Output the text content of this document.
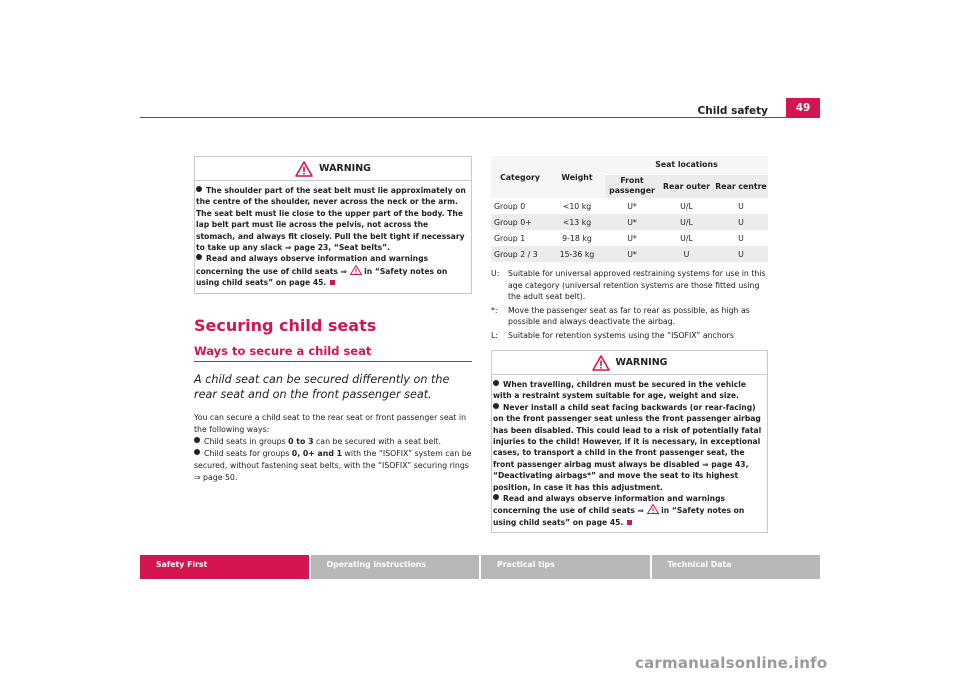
Child safety	49
WARNING
The shoulder part of the seat belt must lie approximately on the centre of the shoulder, never across the neck or the arm. The seat belt must lie close to the upper part of the body. The lap belt part must lie across the pelvis, not across the stomach, and always fit closely. Pull the belt tight if necessary to take up any slack ⇒ page 23, “Seat belts”.
Read and always observe information and warnings concerning the use of child seats ⇒  in “Safety notes on using child seats” on page 45.
Securing child seats
Ways to secure a child seat
A child seat can be secured differently on the rear seat and on the front passenger seat.
You can secure a child seat to the rear seat or front passenger seat in the following ways:
Child seats in groups 0 to 3 can be secured with a seat belt.
Child seats for groups 0, 0+ and 1 with the “ISOFIX” system can be secured, without fastening seat belts, with the “ISOFIX” securing rings ⇒ page 50.
Category	Weight	Seat locations		
		Front passenger	Rear outer	Rear centre
Group 0	<10 kg	U*	U/L	U
Group 0+	<13 kg	U*	U/L	U
Group 1	9-18 kg	U*	U/L	U
Group 2 / 3	15-36 kg	U*	U	U
U:	Suitable for universal approved restraining systems for use in this age category (universal retention systems are those fitted using the adult seat belt).
*:	Move the passenger seat as far to rear as possible, as high as possible and always deactivate the airbag.
L:	Suitable for retention systems using the “ISOFIX” anchors
WARNING
When travelling, children must be secured in the vehicle with a restraint system suitable for age, weight and size.
Never install a child seat facing backwards (or rear-facing) on the front passenger seat unless the front passenger airbag has been disabled. This could lead to a risk of potentially fatal injuries to the child! However, if it is necessary, in exceptional cases, to transport a child in the front passenger seat, the front passenger airbag must always be disabled ⇒ page 43, “Deactivating airbags*” and move the seat to its highest position, in case it has this adjustment.
Read and always observe information and warnings concerning the use of child seats ⇒  in “Safety notes on using child seats” on page 45.
Safety First	Operating instructions	Practical tips	Technical Data
carmanualsonline.info
